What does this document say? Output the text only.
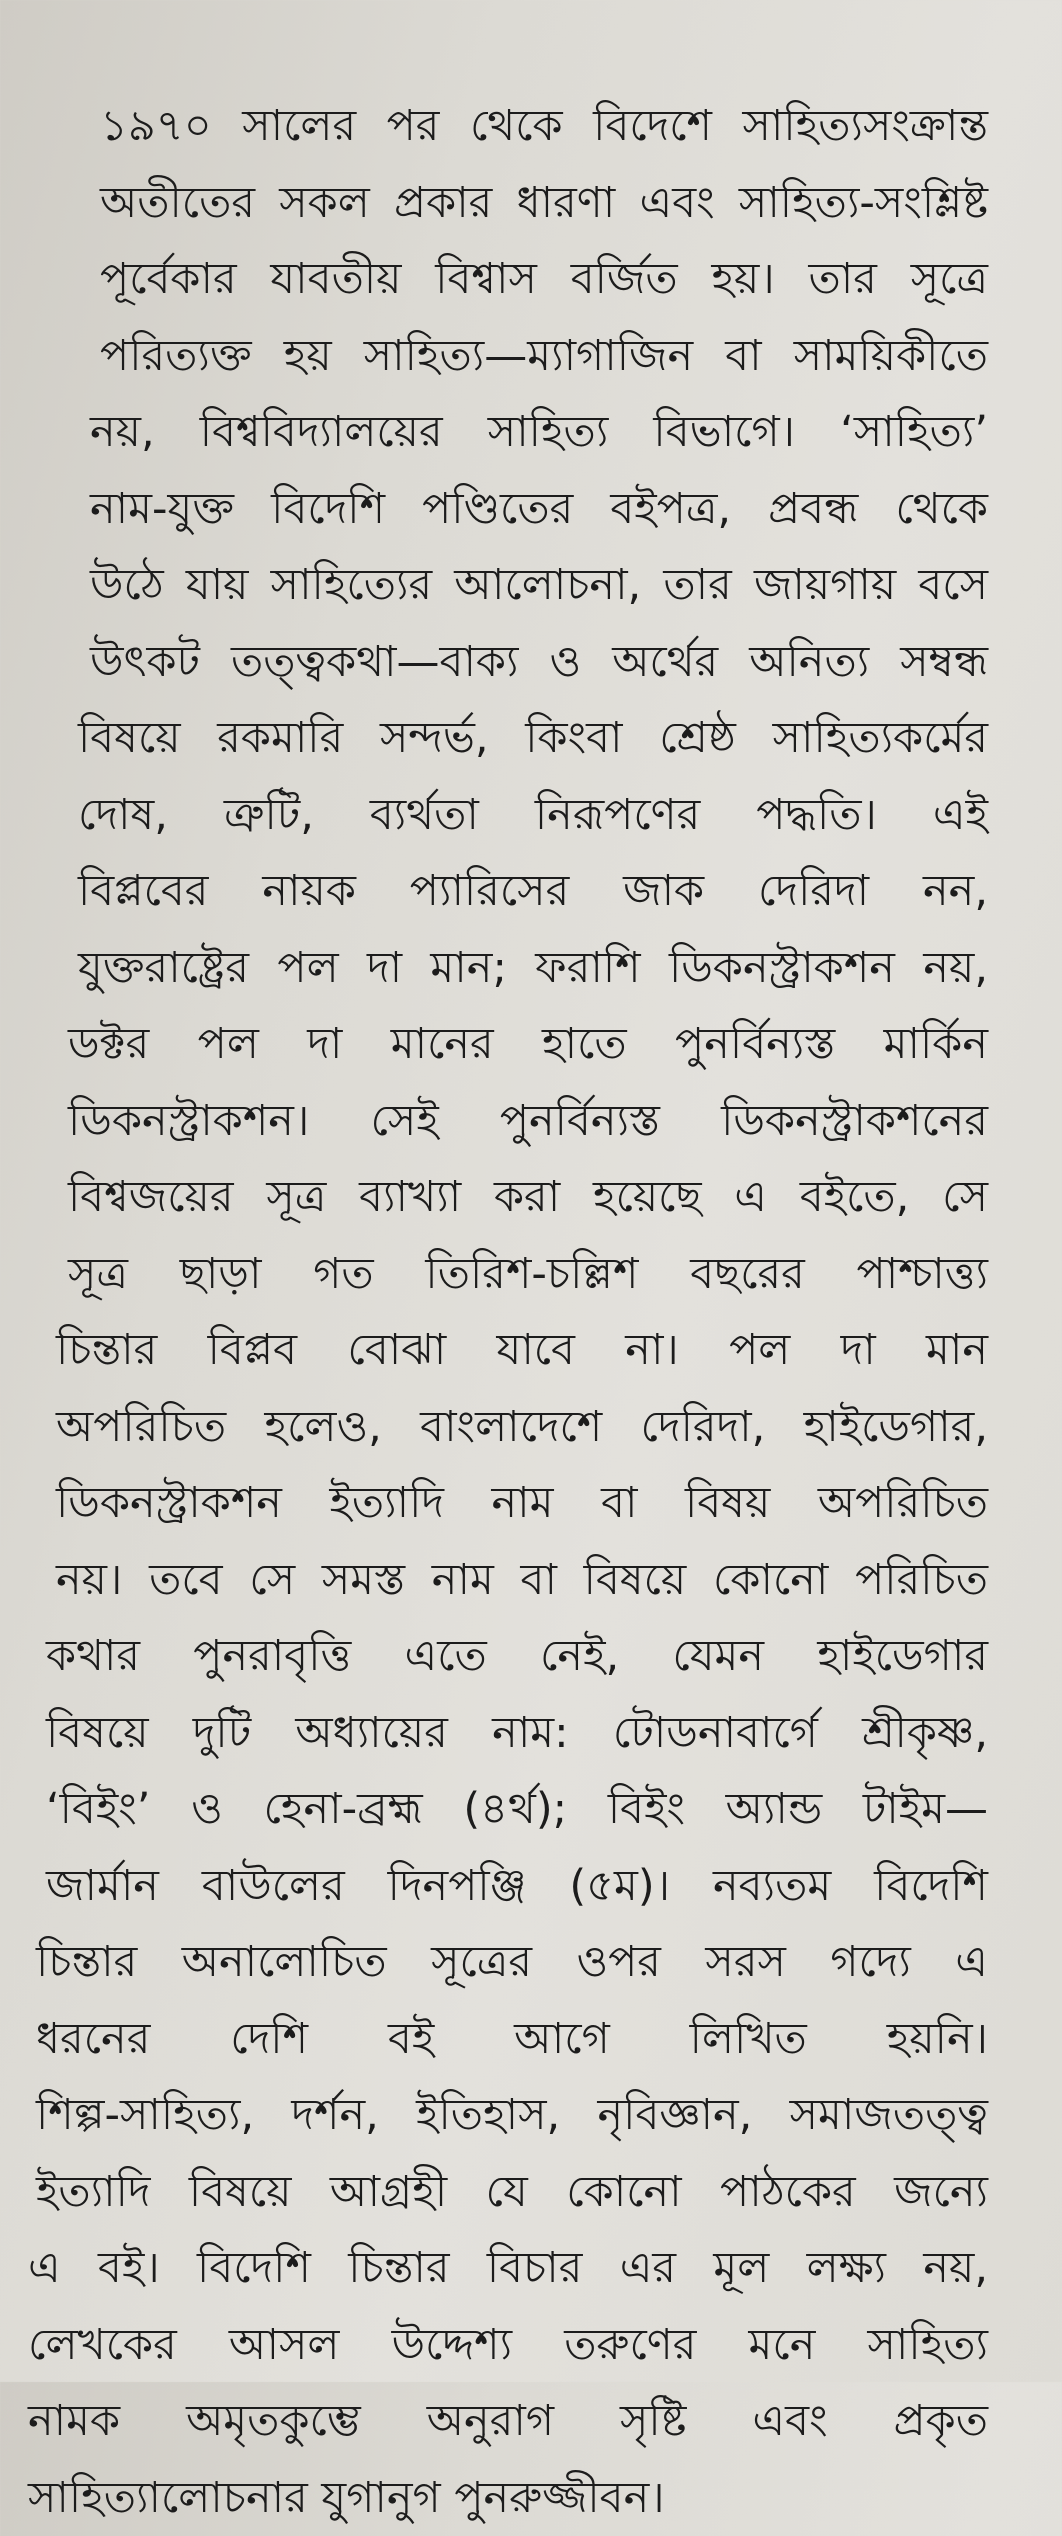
১৯৭০ সালের পর থেকে বিদেশে সাহিত্যসংক্রান্ত
অতীতের সকল প্রকার ধারণা এবং সাহিত্য-সংশ্লিষ্ট
পূর্বেকার যাবতীয় বিশ্বাস বর্জিত হয়। তার সূত্রে
পরিত্যক্ত হয় সাহিত্য—ম্যাগাজিন বা সাময়িকীতে
নয়, বিশ্ববিদ্যালয়ের সাহিত্য বিভাগে। ‘সাহিত্য’
নাম-যুক্ত বিদেশি পণ্ডিতের বইপত্র, প্রবন্ধ থেকে
উঠে যায় সাহিত্যের আলোচনা, তার জায়গায় বসে
উৎকট তত্ত্বকথা—বাক্য ও অর্থের অনিত্য সম্বন্ধ
বিষয়ে রকমারি সন্দর্ভ, কিংবা শ্রেষ্ঠ সাহিত্যকর্মের
দোষ, ত্রুটি, ব্যর্থতা নিরূপণের পদ্ধতি। এই
বিপ্লবের নায়ক প্যারিসের জাক দেরিদা নন,
যুক্তরাষ্ট্রের পল দা মান; ফরাশি ডিকনস্ট্রাকশন নয়,
ডক্টর পল দা মানের হাতে পুনর্বিন্যস্ত মার্কিন
ডিকনস্ট্রাকশন। সেই পুনর্বিন্যস্ত ডিকনস্ট্রাকশনের
বিশ্বজয়ের সূত্র ব্যাখ্যা করা হয়েছে এ বইতে, সে
সূত্র ছাড়া গত তিরিশ-চল্লিশ বছরের পাশ্চাত্ত্য
চিন্তার বিপ্লব বোঝা যাবে না। পল দা মান
অপরিচিত হলেও, বাংলাদেশে দেরিদা, হাইডেগার,
ডিকনস্ট্রাকশন ইত্যাদি নাম বা বিষয় অপরিচিত
নয়। তবে সে সমস্ত নাম বা বিষয়ে কোনো পরিচিত
কথার পুনরাবৃত্তি এতে নেই, যেমন হাইডেগার
বিষয়ে দুটি অধ্যায়ের নাম: টোডনাবার্গে শ্রীকৃষ্ণ,
‘বিইং’ ও হেনা-ব্রহ্ম (৪র্থ); বিইং অ্যান্ড টাইম—
জার্মান বাউলের দিনপঞ্জি (৫ম)। নব্যতম বিদেশি
চিন্তার অনালোচিত সূত্রের ওপর সরস গদ্যে এ
ধরনের দেশি বই আগে লিখিত হয়নি।
শিল্প-সাহিত্য, দর্শন, ইতিহাস, নৃবিজ্ঞান, সমাজতত্ত্ব
ইত্যাদি বিষয়ে আগ্রহী যে কোনো পাঠকের জন্যে
এ বই। বিদেশি চিন্তার বিচার এর মূল লক্ষ্য নয়,
লেখকের আসল উদ্দেশ্য তরুণের মনে সাহিত্য
নামক অমৃতকুম্ভে অনুরাগ সৃষ্টি এবং প্রকৃত
সাহিত্যালোচনার যুগানুগ পুনরুজ্জীবন।
